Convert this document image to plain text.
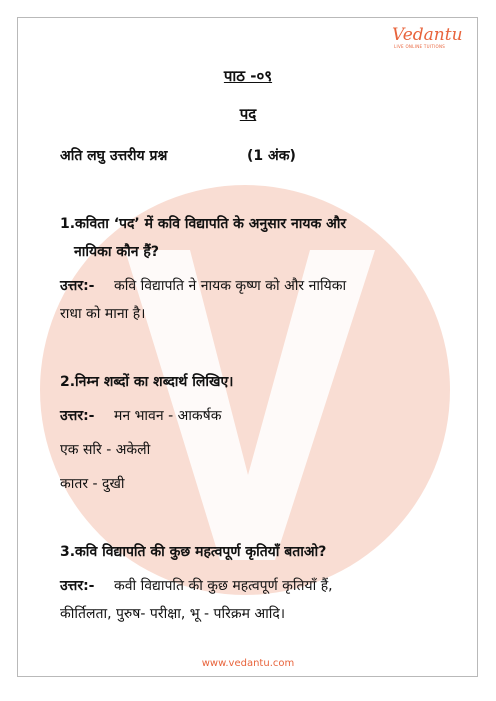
Vedantu
LIVE ONLINE TUITIONS
पाठ -०९
पद
अति लघु उत्तरीय प्रश्न	(1 अंक)
1.कविता ‘पद’ में कवि विद्यापति के अनुसार नायक और
नायिका कौन हैं?
उत्तर:- कवि विद्यापति ने नायक कृष्ण को और नायिका
राधा को माना है।
2.निम्न शब्दों का शब्दार्थ लिखिए।
उत्तर:- मन भावन - आकर्षक
एक सरि - अकेली
कातर - दुखी
3.कवि विद्यापति की कुछ महत्वपूर्ण कृतियाँ बताओ?
उत्तर:- कवी विद्यापति की कुछ महत्वपूर्ण कृतियाँ हैं,
कीर्तिलता, पुरुष- परीक्षा, भू - परिक्रम आदि।
www.vedantu.com
